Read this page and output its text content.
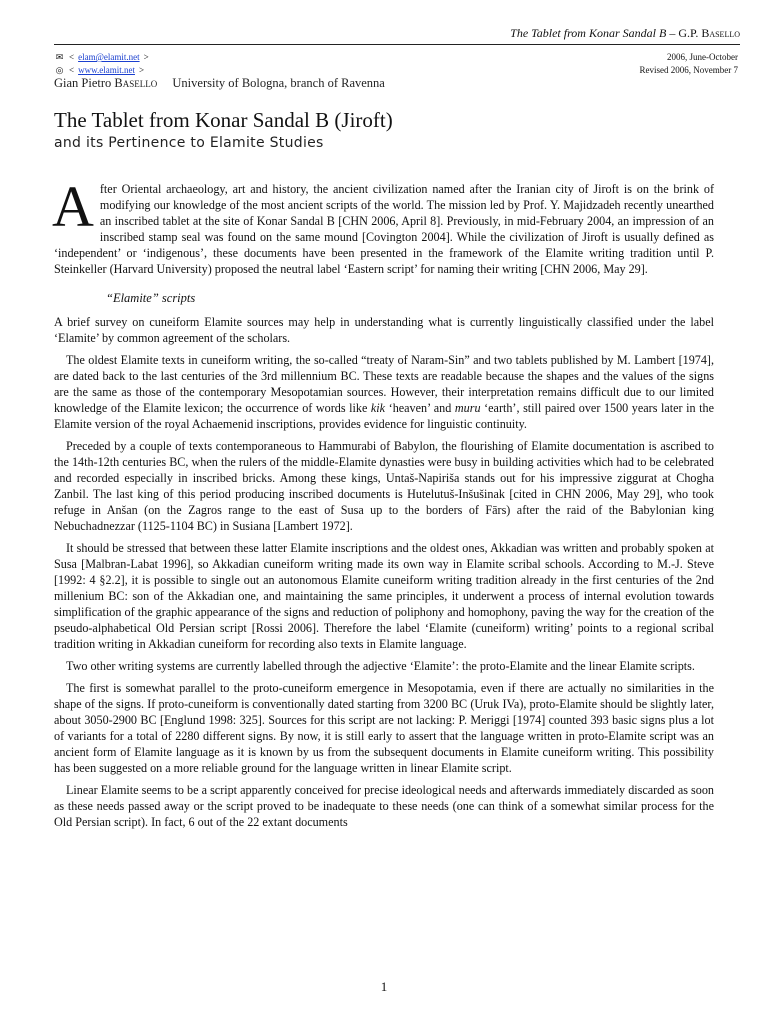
The Tablet from Konar Sandal B – G.P. Basello
✉ < elam@elamit.net >
◎ < www.elamit.net >
2006, June-October
Revised 2006, November 7
Gian Pietro Basello University of Bologna, branch of Ravenna
The Tablet from Konar Sandal B (Jiroft)
and its Pertinence to Elamite Studies

After Oriental archaeology, art and history, the ancient civilization named after the Iranian city of Jiroft is on the brink of modifying our knowledge of the most ancient scripts of the world. The mission led by Prof. Y. Majidzadeh recently unearthed an inscribed tablet at the site of Konar Sandal B [CHN 2006, April 8]. Previously, in mid-February 2004, an impression of an inscribed stamp seal was found on the same mound [Covington 2004]. While the civilization of Jiroft is usually defined as ‘independent’ or ‘indigenous’, these documents have been presented in the framework of the Elamite writing tradition until P. Steinkeller (Harvard University) proposed the neutral label ‘Eastern script’ for naming their writing [CHN 2006, May 29].

“Elamite” scripts

A brief survey on cuneiform Elamite sources may help in understanding what is currently linguistically classified under the label ‘Elamite’ by common agreement of the scholars.

The oldest Elamite texts in cuneiform writing, the so-called “treaty of Naram-Sin” and two tablets published by M. Lambert [1974], are dated back to the last centuries of the 3rd millennium BC. These texts are readable because the shapes and the values of the signs are the same as those of the contemporary Mesopotamian sources. However, their interpretation remains difficult due to our limited knowledge of the Elamite lexicon; the occurrence of words like kik ‘heaven’ and muru ‘earth’, still paired over 1500 years later in the Elamite version of the royal Achaemenid inscriptions, provides evidence for linguistic continuity.

Preceded by a couple of texts contemporaneous to Hammurabi of Babylon, the flourishing of Elamite documentation is ascribed to the 14th-12th centuries BC, when the rulers of the middle-Elamite dynasties were busy in building activities which had to be celebrated and recorded especially in inscribed bricks. Among these kings, Untaš-Napiriša stands out for his impressive ziggurat at Chogha Zanbil. The last king of this period producing inscribed documents is Hutelutuš-Inšušinak [cited in CHN 2006, May 29], who took refuge in Anšan (on the Zagros range to the east of Susa up to the borders of Fārs) after the raid of the Babylonian king Nebuchadnezzar (1125-1104 BC) in Susiana [Lambert 1972].

It should be stressed that between these latter Elamite inscriptions and the oldest ones, Akkadian was written and probably spoken at Susa [Malbran-Labat 1996], so Akkadian cuneiform writing made its own way in Elamite scribal schools. According to M.-J. Steve [1992: 4 §2.2], it is possible to single out an autonomous Elamite cuneiform writing tradition already in the first centuries of the 2nd millenium BC: son of the Akkadian one, and maintaining the same principles, it underwent a process of internal evolution towards simplification of the graphic appearance of the signs and reduction of poliphony and homophony, paving the way for the creation of the pseudo-alphabetical Old Persian script [Rossi 2006]. Therefore the label ‘Elamite (cuneiform) writing’ points to a regional scribal tradition writing in Akkadian cuneiform for recording also texts in Elamite language.

Two other writing systems are currently labelled through the adjective ‘Elamite’: the proto-Elamite and the linear Elamite scripts.

The first is somewhat parallel to the proto-cuneiform emergence in Mesopotamia, even if there are actually no similarities in the shape of the signs. If proto-cuneiform is conventionally dated starting from 3200 BC (Uruk IVa), proto-Elamite should be slightly later, about 3050-2900 BC [Englund 1998: 325]. Sources for this script are not lacking: P. Meriggi [1974] counted 393 basic signs plus a lot of variants for a total of 2280 different signs. By now, it is still early to assert that the language written in proto-Elamite script was an ancient form of Elamite language as it is known by us from the subsequent documents in Elamite cuneiform writing. This possibility has been suggested on a more reliable ground for the language written in linear Elamite script.

Linear Elamite seems to be a script apparently conceived for precise ideological needs and afterwards immediately discarded as soon as these needs passed away or the script proved to be inadequate to these needs (one can think of a somewhat similar process for the Old Persian script). In fact, 6 out of the 22 extant documents

1
